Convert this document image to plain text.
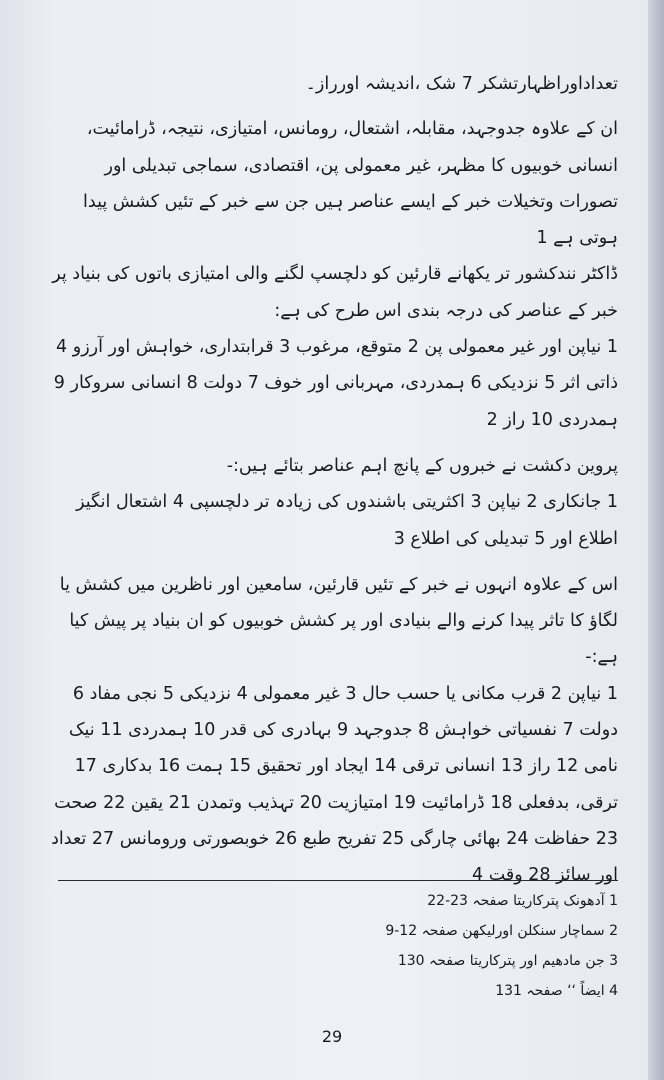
تعداداوراظہارتشکر 7 شک ،اندیشہ اورراز۔

ان کے علاوہ جدوجہد، مقابلہ، اشتعال، رومانس، امتیازی، نتیجہ، ڈرامائیت، انسانی خوبیوں کا مظہر، غیر معمولی پن، اقتصادی، سماجی تبدیلی اور تصورات وتخیلات خبر کے ایسے عناصر ہیں جن سے خبر کے تئیں کشش پیدا ہوتی ہے 1

ڈاکٹر نندکشور تر یکھانے قارئین کو دلچسپ لگنے والی امتیازی باتوں کی بنیاد پر خبر کے عناصر کی درجہ بندی اس طرح کی ہے:

1 نیاپن اور غیر معمولی پن 2 متوقع، مرغوب 3 قرابتداری، خواہش اور آرزو 4 ذاتی اثر 5 نزدیکی 6 ہمدردی، مہربانی اور خوف 7 دولت 8 انسانی سروکار 9 ہمدردی 10 راز 2

پروین دکشت نے خبروں کے پانچ اہم عناصر بتائے ہیں:-

1 جانکاری 2 نیاپن 3 اکثریتی باشندوں کی زیادہ تر دلچسپی 4 اشتعال انگیز اطلاع اور 5 تبدیلی کی اطلاع 3

اس کے علاوہ انہوں نے خبر کے تئیں قارئین، سامعین اور ناظرین میں کشش یا لگاؤ کا تاثر پیدا کرنے والے بنیادی اور پر کشش خوبیوں کو ان بنیاد پر پیش کیا ہے:-

1 نیاپن 2 قرب مکانی یا حسب حال 3 غیر معمولی 4 نزدیکی 5 نجی مفاد 6 دولت 7 نفسیاتی خواہش 8 جدوجہد 9 بہادری کی قدر 10 ہمدردی 11 نیک نامی 12 راز 13 انسانی ترقی 14 ایجاد اور تحقیق 15 ہمت 16 بدکاری 17 ترقی، بدفعلی 18 ڈرامائیت 19 امتیازیت 20 تہذیب وتمدن 21 یقین 22 صحت 23 حفاظت 24 بھائی چارگی 25 تفریح طبع 26 خوبصورتی ورومانس 27 تعداد اور سائز 28 وقت 4

1 آدھونک پترکاریتا صفحہ 23-22

2 سماچار سنکلن اورلیکھن صفحہ 12-9

3 جن مادھیم اور پترکاریتا صفحہ 130

4 ایضاً ‘‘ صفحہ 131

29
